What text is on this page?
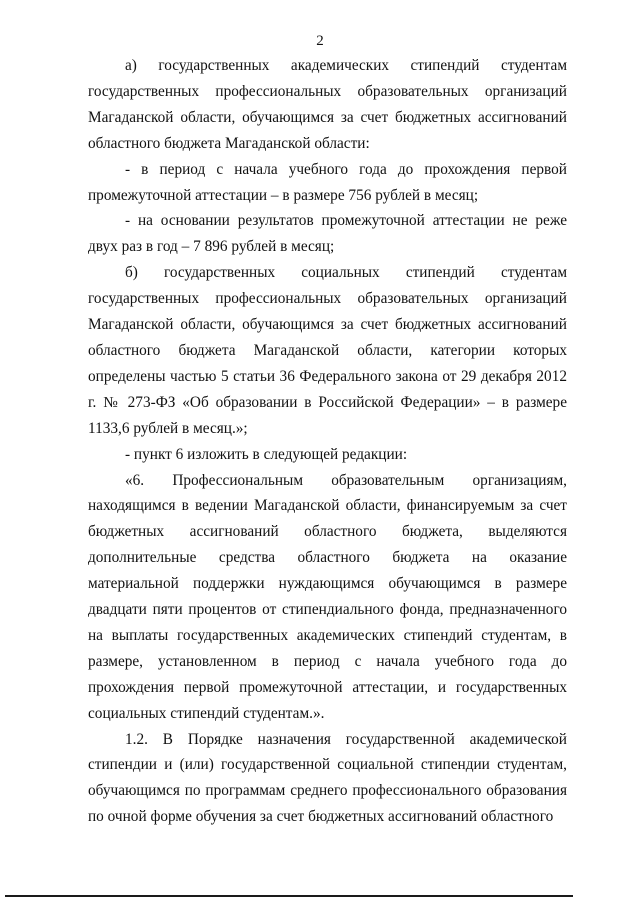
2

а) государственных академических стипендий студентам государственных профессиональных образовательных организаций Магаданской области, обучающимся за счет бюджетных ассигнований областного бюджета Магаданской области:

- в период с начала учебного года до прохождения первой промежуточной аттестации – в размере 756 рублей в месяц;

- на основании результатов промежуточной аттестации не реже двух раз в год – 7 896 рублей в месяц;

б) государственных социальных стипендий студентам государственных профессиональных образовательных организаций Магаданской области, обучающимся за счет бюджетных ассигнований областного бюджета Магаданской области, категории которых определены частью 5 статьи 36 Федерального закона от 29 декабря 2012 г. № 273-ФЗ «Об образовании в Российской Федерации» – в размере 1133,6 рублей в месяц.»;

- пункт 6 изложить в следующей редакции:

«6. Профессиональным образовательным организациям, находящимся в ведении Магаданской области, финансируемым за счет бюджетных ассигнований областного бюджета, выделяются дополнительные средства областного бюджета на оказание материальной поддержки нуждающимся обучающимся в размере двадцати пяти процентов от стипендиального фонда, предназначенного на выплаты государственных академических стипендий студентам, в размере, установленном в период с начала учебного года до прохождения первой промежуточной аттестации, и государственных социальных стипендий студентам.».

1.2. В Порядке назначения государственной академической стипендии и (или) государственной социальной стипендии студентам, обучающимся по программам среднего профессионального образования по очной форме обучения за счет бюджетных ассигнований областного
